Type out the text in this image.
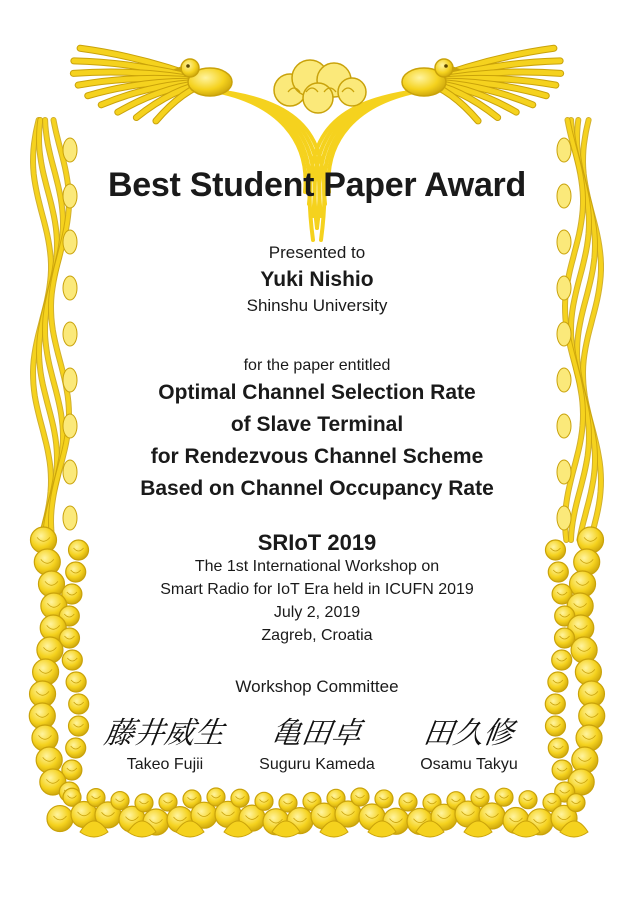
Best Student Paper Award
Presented to
Yuki Nishio
Shinshu University
for the paper entitled
Optimal Channel Selection Rate
of Slave Terminal
for Rendezvous Channel Scheme
Based on Channel Occupancy Rate
SRIoT 2019
The 1st International Workshop on
Smart Radio for IoT Era held in ICUFN 2019
July 2, 2019
Zagreb, Croatia
Workshop Committee
藤井威生	亀田卓	田久修
Takeo Fujii	Suguru Kameda	Osamu Takyu
